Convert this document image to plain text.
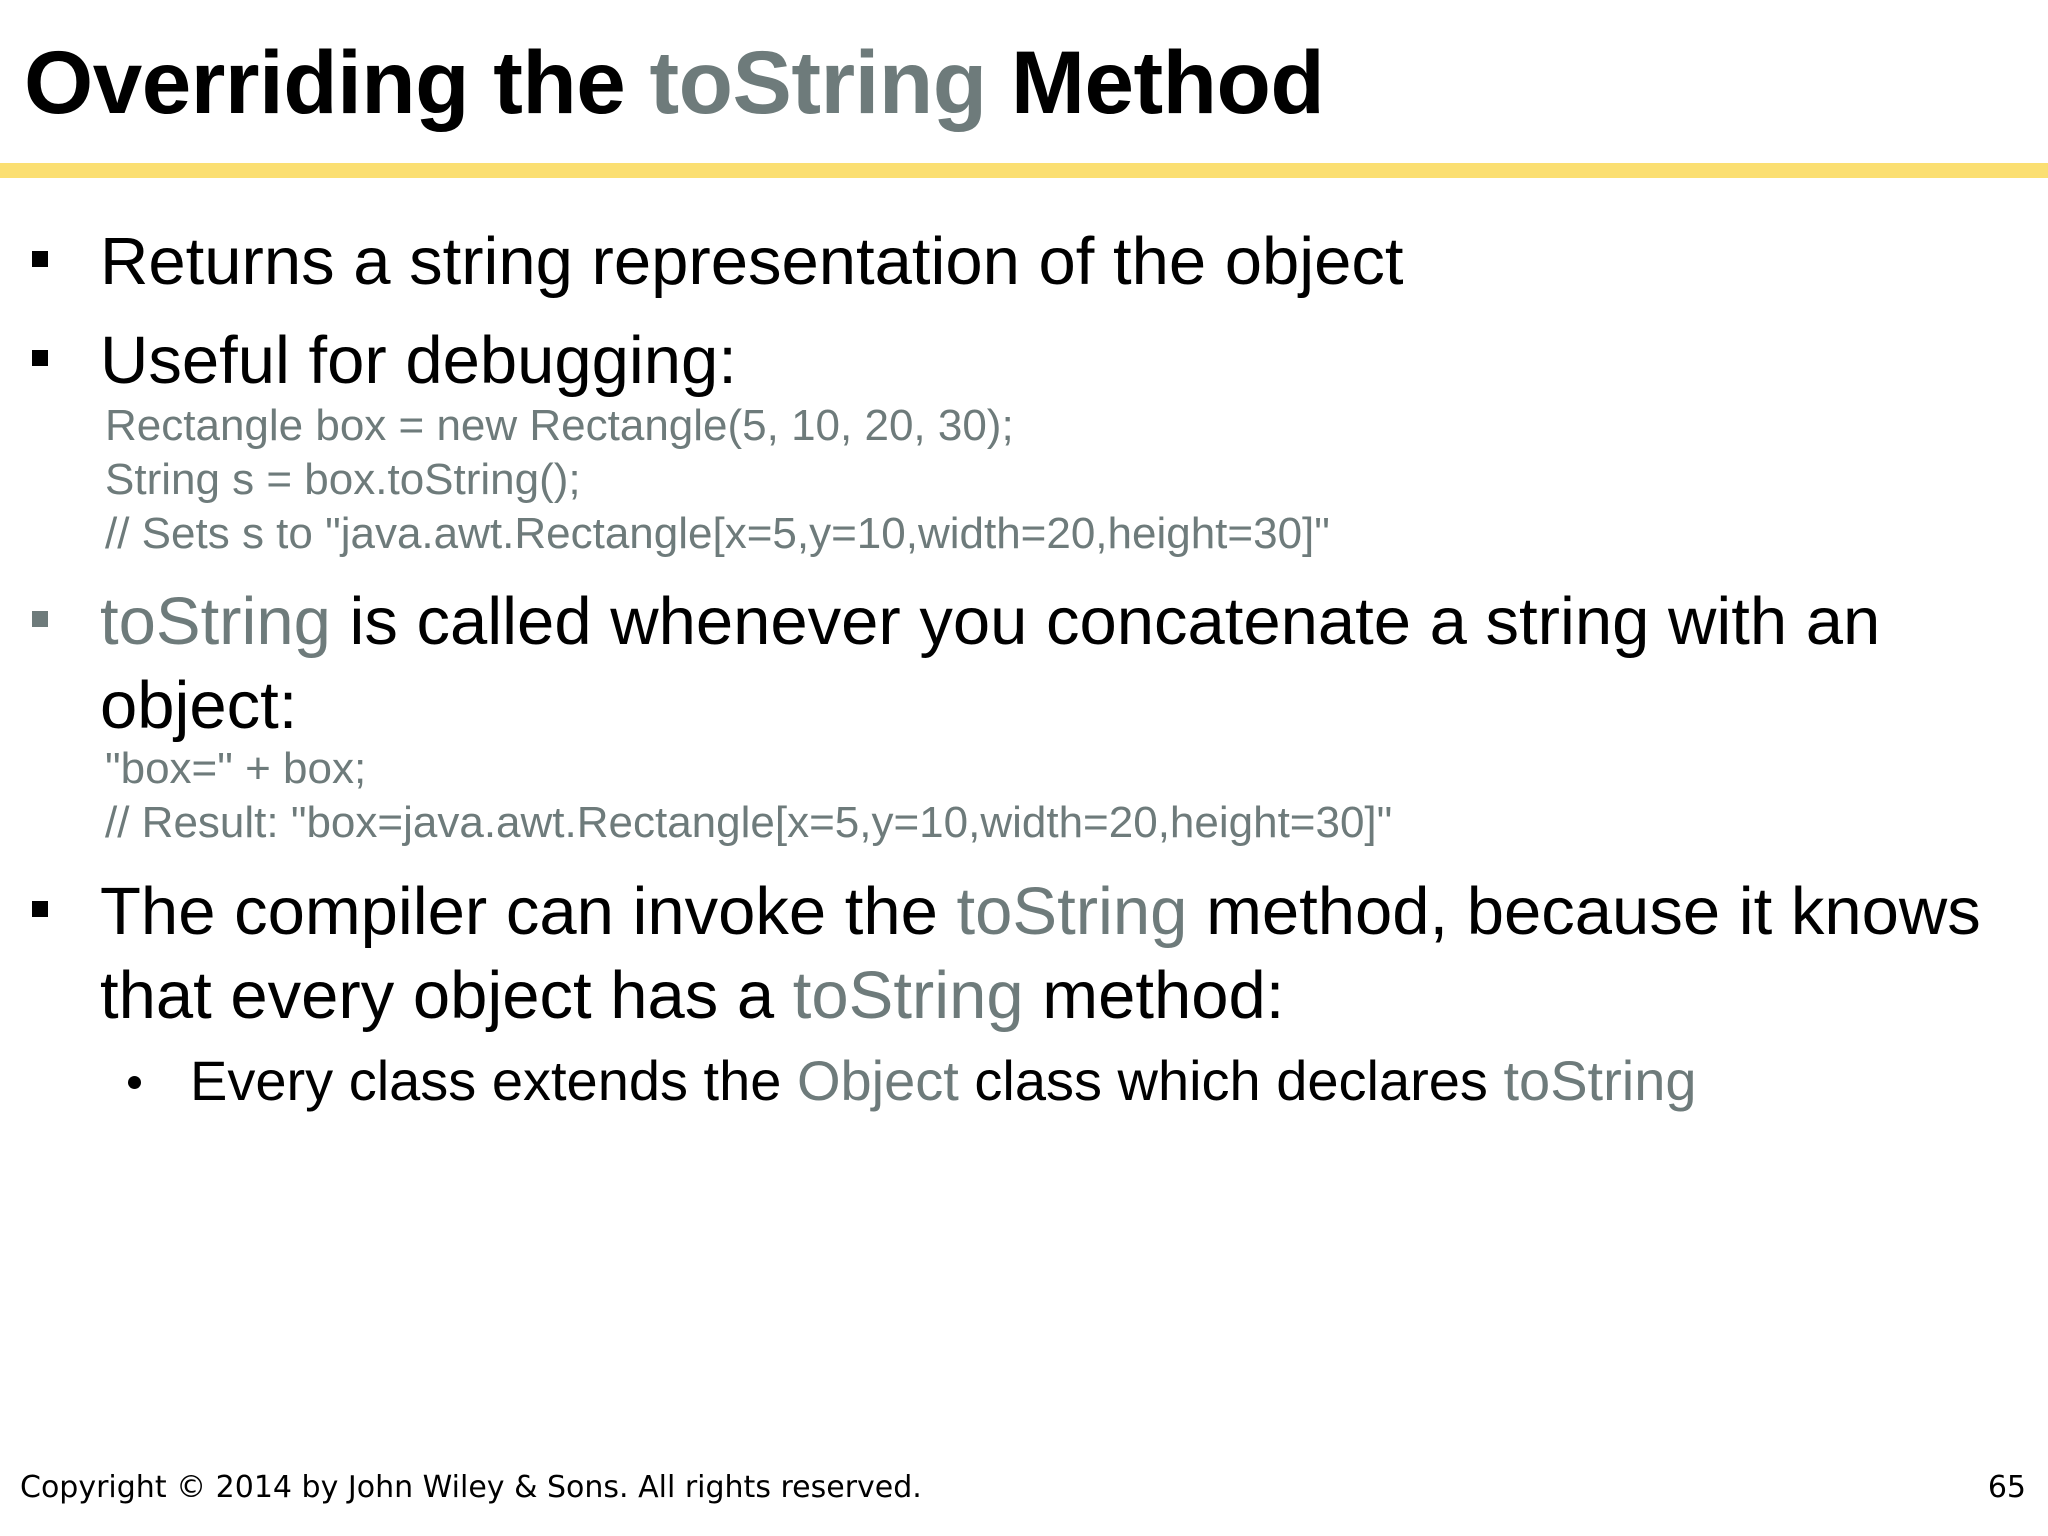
Overriding the toString Method
Returns a string representation of the object
Useful for debugging:
Rectangle box = new Rectangle(5, 10, 20, 30);
String s = box.toString();
// Sets s to "java.awt.Rectangle[x=5,y=10,width=20,height=30]"
toString is called whenever you concatenate a string with an
object:
"box=" + box;
// Result: "box=java.awt.Rectangle[x=5,y=10,width=20,height=30]"
The compiler can invoke the toString method, because it knows
that every object has a toString method:
Every class extends the Object class which declares toString
Copyright © 2014 by John Wiley & Sons. All rights reserved.	65
